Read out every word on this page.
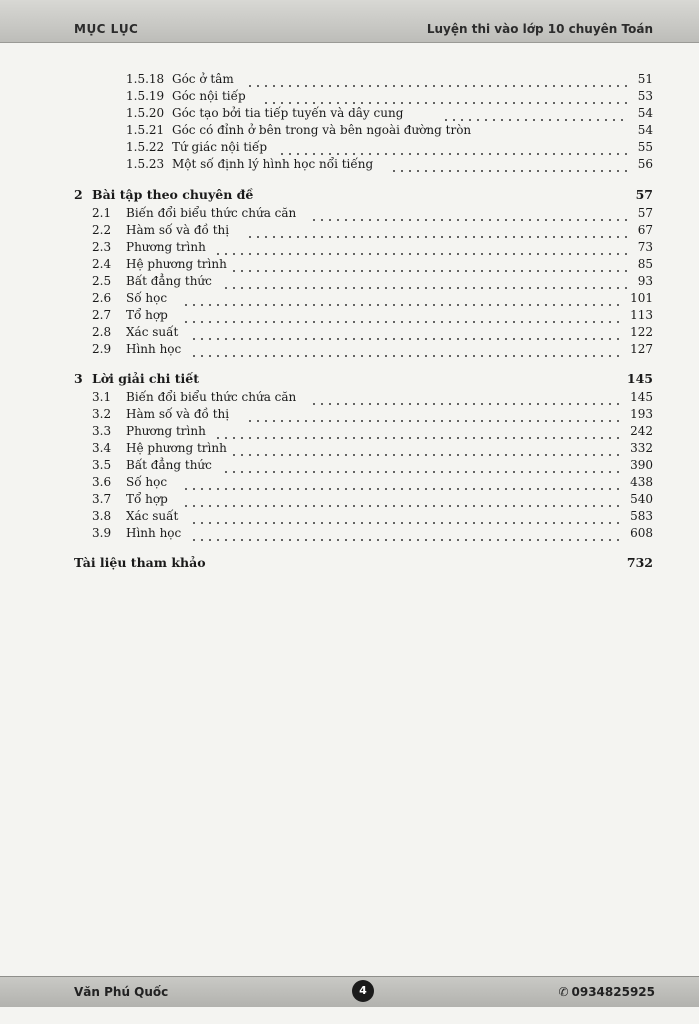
MỤC LỤC	Luyện thi vào lớp 10 chuyên Toán
1.5.18 Góc ở tâm	51
1.5.19 Góc nội tiếp	53
1.5.20 Góc tạo bởi tia tiếp tuyến và dây cung	54
1.5.21 Góc có đỉnh ở bên trong và bên ngoài đường tròn	54
1.5.22 Tứ giác nội tiếp	55
1.5.23 Một số định lý hình học nổi tiếng	56
2 Bài tập theo chuyên đề	57
2.1 Biến đổi biểu thức chứa căn	57
2.2 Hàm số và đồ thị	67
2.3 Phương trình	73
2.4 Hệ phương trình	85
2.5 Bất đẳng thức	93
2.6 Số học	101
2.7 Tổ hợp	113
2.8 Xác suất	122
2.9 Hình học	127
3 Lời giải chi tiết	145
3.1 Biến đổi biểu thức chứa căn	145
3.2 Hàm số và đồ thị	193
3.3 Phương trình	242
3.4 Hệ phương trình	332
3.5 Bất đẳng thức	390
3.6 Số học	438
3.7 Tổ hợp	540
3.8 Xác suất	583
3.9 Hình học	608
Tài liệu tham khảo	732
Văn Phú Quốc	4	✆ 0934825925
